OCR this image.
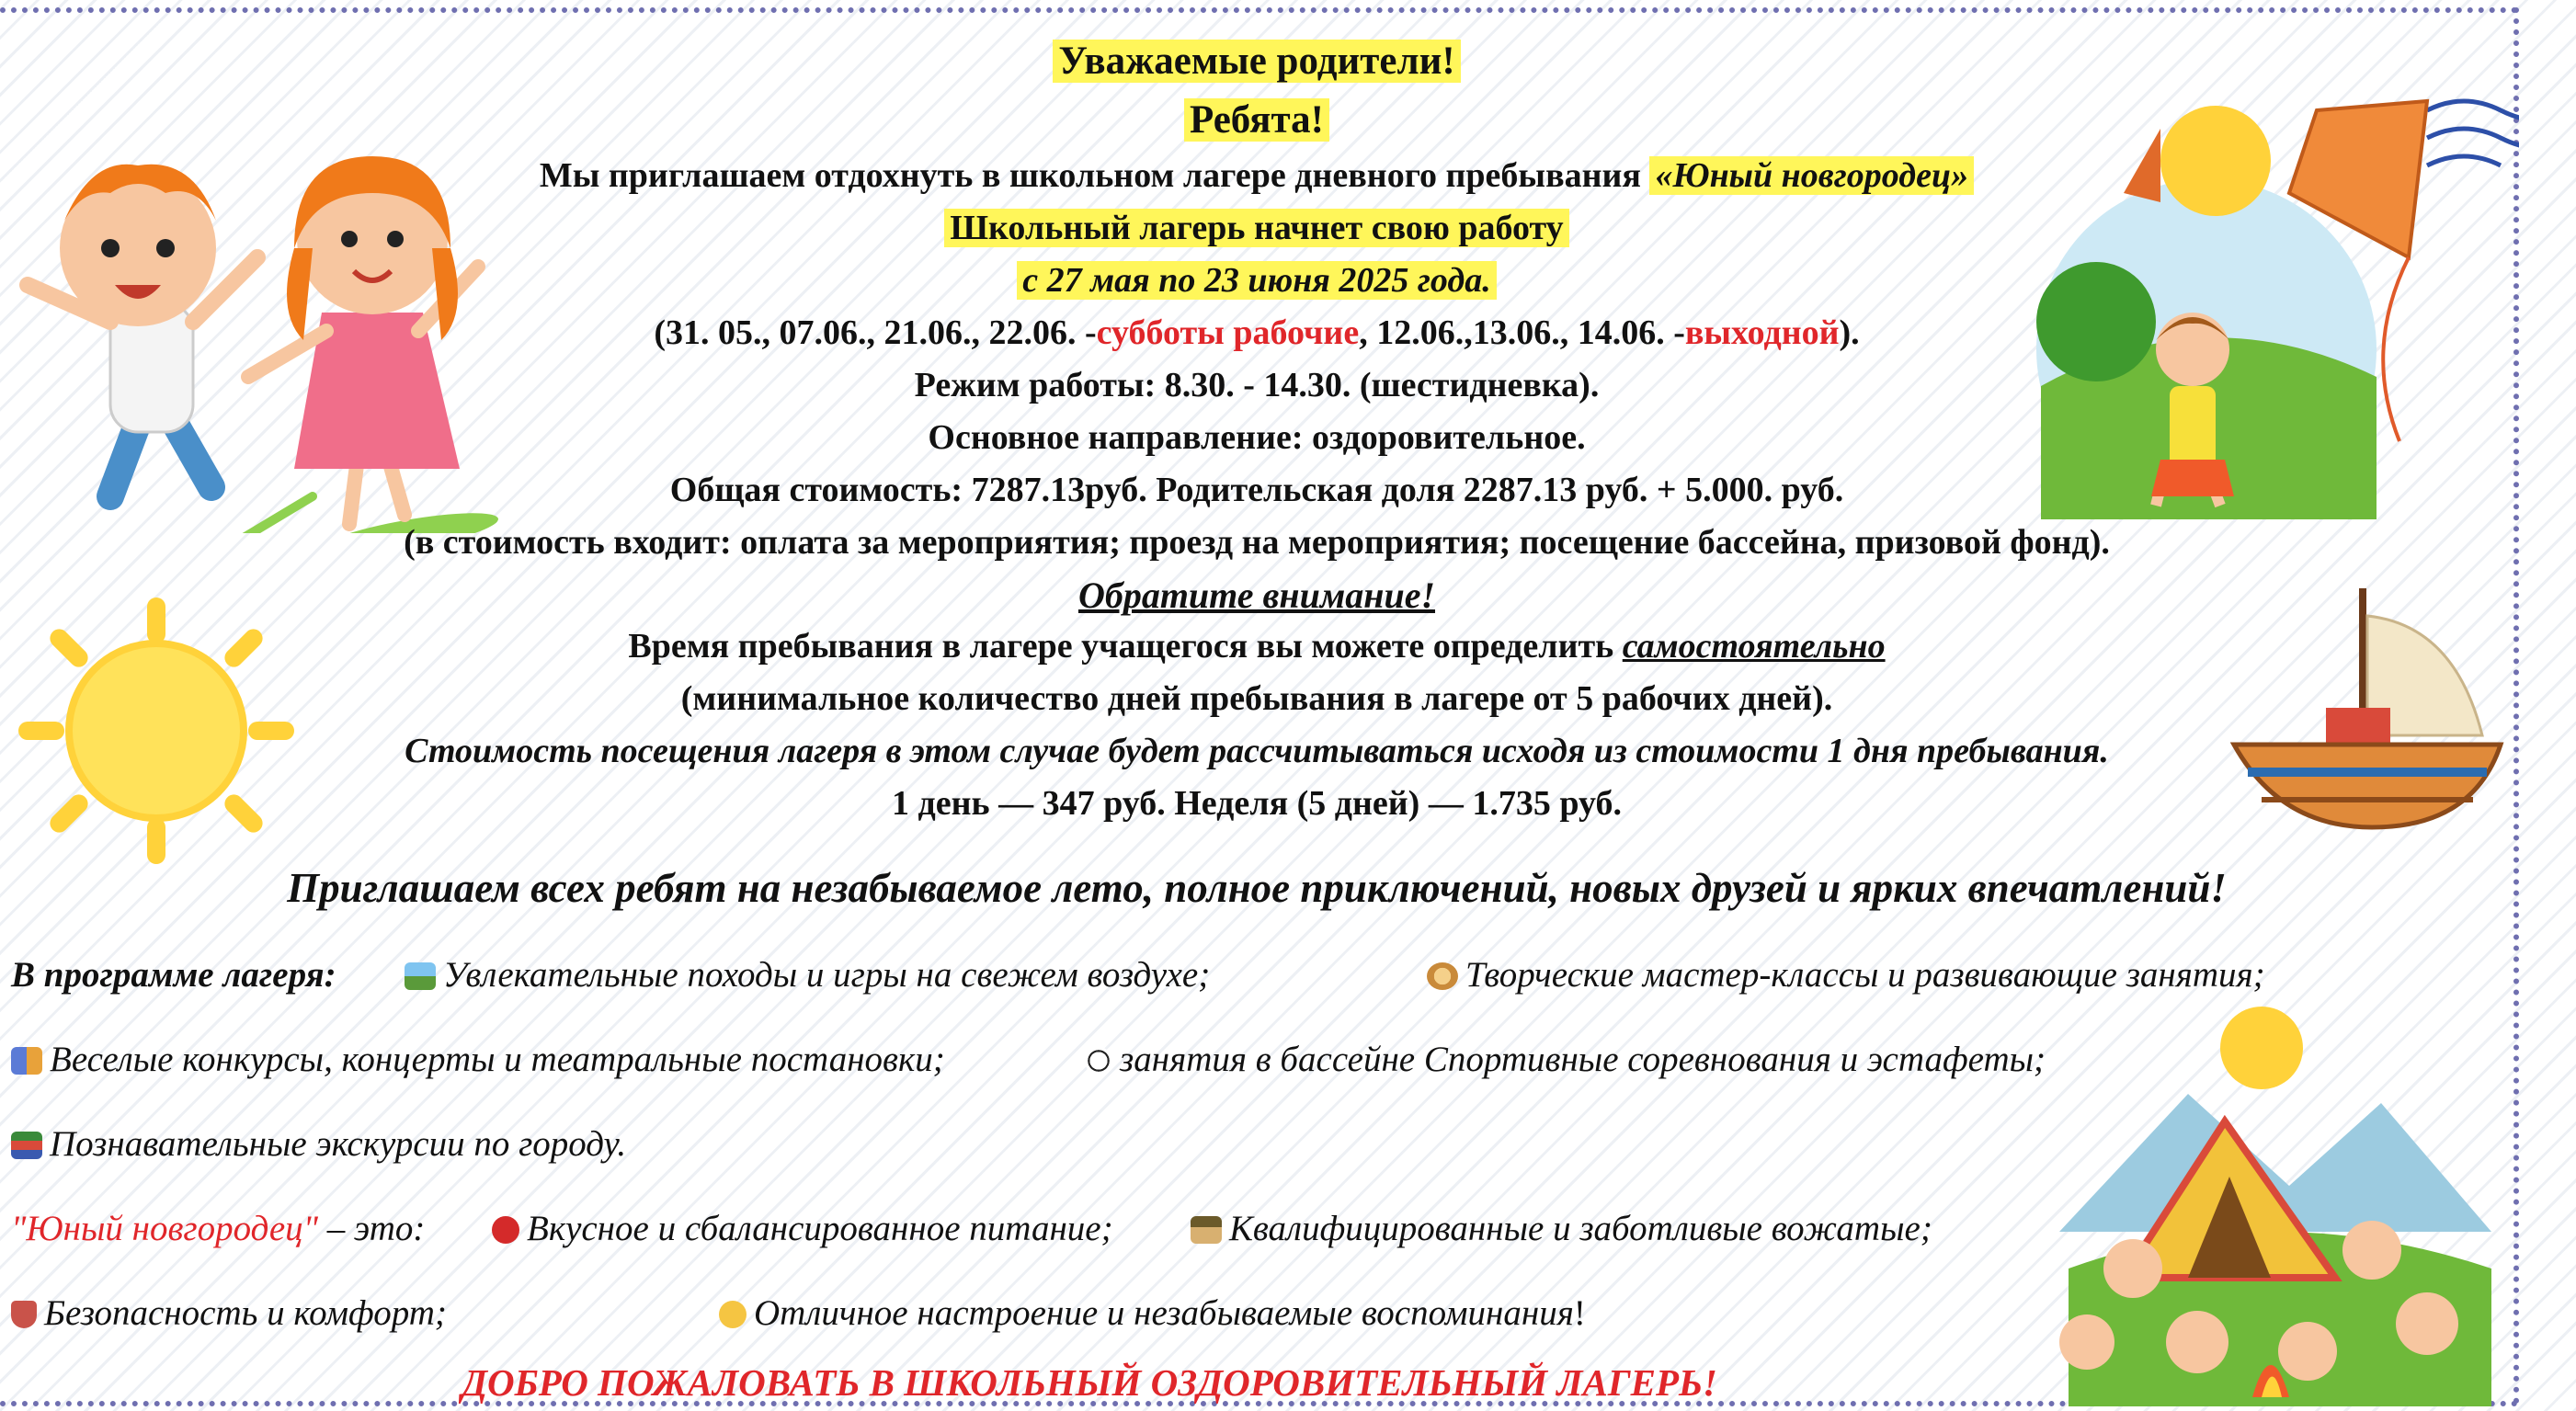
Уважаемые родители!
Ребята!
Мы приглашаем отдохнуть в школьном лагере дневного пребывания «Юный новгородец»
Школьный лагерь начнет свою работу
с 27 мая по 23 июня 2025 года.
(31. 05., 07.06., 21.06., 22.06. -субботы рабочие, 12.06.,13.06., 14.06. -выходной).
Режим работы: 8.30. - 14.30. (шестидневка).
Основное направление: оздоровительное.
Общая стоимость: 7287.13руб. Родительская доля 2287.13 руб. + 5.000. руб.
(в стоимость входит: оплата за мероприятия; проезд на мероприятия; посещение бассейна, призовой фонд).
Обратите внимание!
Время пребывания в лагере учащегося вы можете определить самостоятельно
(минимальное количество дней пребывания в лагере от 5 рабочих дней).
Стоимость посещения лагеря в этом случае будет рассчитываться исходя из стоимости 1 дня пребывания.
1 день — 347 руб. Неделя (5 дней) — 1.735 руб.
Приглашаем всех ребят на незабываемое лето, полное приключений, новых друзей и ярких впечатлений!
В программе лагеря:	Увлекательные походы и игры на свежем воздухе;	Творческие мастер-классы и развивающие занятия;
Веселые конкурсы, концерты и театральные постановки;	занятия в бассейне Спортивные соревнования и эстафеты;
Познавательные экскурсии по городу.
"Юный новгородец" – это:	Вкусное и сбалансированное питание;	Квалифицированные и заботливые вожатые;
Безопасность и комфорт;	Отличное настроение и незабываемые воспоминания!
ДОБРО ПОЖАЛОВАТЬ В ШКОЛЬНЫЙ ОЗДОРОВИТЕЛЬНЫЙ ЛАГЕРЬ!
